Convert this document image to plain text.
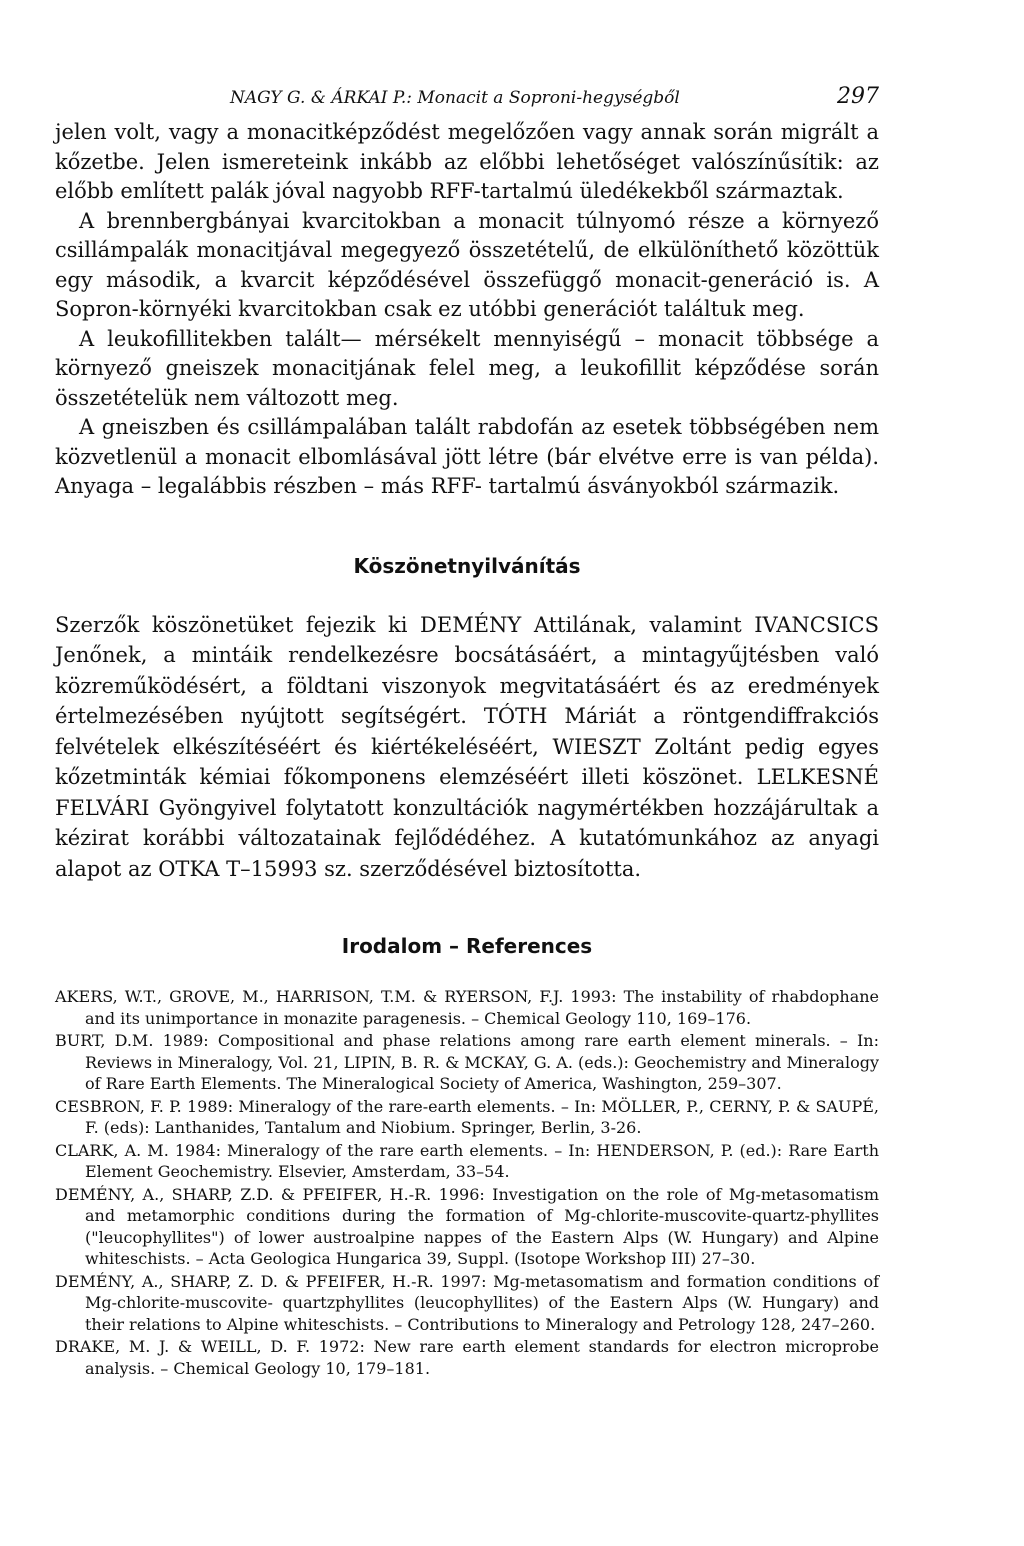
NAGY G. & ÁRKAI P.: Monacit a Soproni-hegységből	297

jelen volt, vagy a monacitképződést megelőzően vagy annak során migrált a kőzetbe. Jelen ismereteink inkább az előbbi lehetőséget valószínűsítik: az előbb említett palák jóval nagyobb RFF-tartalmú üledékekből származtak.

A brennbergbányai kvarcitokban a monacit túlnyomó része a környező csillámpalák monacitjával megegyező összetételű, de elkülöníthető közöttük egy második, a kvarcit képződésével összefüggő monacit-generáció is. A Sopron-környéki kvarcitokban csak ez utóbbi generációt találtuk meg.

A leukofillitekben talált— mérsékelt mennyiségű – monacit többsége a környező gneiszek monacitjának felel meg, a leukofillit képződése során összetételük nem változott meg.

A gneiszben és csillámpalában talált rabdofán az esetek többségében nem közvetlenül a monacit elbomlásával jött létre (bár elvétve erre is van példa). Anyaga – legalábbis részben – más RFF- tartalmú ásványokból származik.

Köszönetnyilvánítás

Szerzők köszönetüket fejezik ki DEMÉNY Attilának, valamint IVANCSICS Jenőnek, a mintáik rendelkezésre bocsátásáért, a mintagyűjtésben való közreműködésért, a földtani viszonyok megvitatásáért és az eredmények értelmezésében nyújtott segítségért. TÓTH Máriát a röntgendiffrakciós felvételek elkészítéséért és kiértékeléséért, WIESZT Zoltánt pedig egyes kőzetminták kémiai főkomponens elemzéséért illeti köszönet. LELKESNÉ FELVÁRI Gyöngyivel folytatott konzultációk nagymértékben hozzájárultak a kézirat korábbi változatainak fejlődédéhez. A kutatómunkához az anyagi alapot az OTKA T–15993 sz. szerződésével biztosította.

Irodalom – References
AKERS, W.T., GROVE, M., HARRISON, T.M. & RYERSON, F.J. 1993: The instability of rhabdophane and its unimportance in monazite paragenesis. – Chemical Geology 110, 169–176.
BURT, D.M. 1989: Compositional and phase relations among rare earth element minerals. – In: Reviews in Mineralogy, Vol. 21, LIPIN, B. R. & MCKAY, G. A. (eds.): Geochemistry and Mineralogy of Rare Earth Elements. The Mineralogical Society of America, Washington, 259–307.
CESBRON, F. P. 1989: Mineralogy of the rare-earth elements. – In: MÖLLER, P., CERNY, P. & SAUPÉ, F. (eds): Lanthanides, Tantalum and Niobium. Springer, Berlin, 3-26.
CLARK, A. M. 1984: Mineralogy of the rare earth elements. – In: HENDERSON, P. (ed.): Rare Earth Element Geochemistry. Elsevier, Amsterdam, 33–54.
DEMÉNY, A., SHARP, Z.D. & PFEIFER, H.-R. 1996: Investigation on the role of Mg-metasomatism and metamorphic conditions during the formation of Mg-chlorite-muscovite-quartz-phyllites ("leucophyllites") of lower austroalpine nappes of the Eastern Alps (W. Hungary) and Alpine whiteschists. – Acta Geologica Hungarica 39, Suppl. (Isotope Workshop III) 27–30.
DEMÉNY, A., SHARP, Z. D. & PFEIFER, H.-R. 1997: Mg-metasomatism and formation conditions of Mg-chlorite-muscovite- quartzphyllites (leucophyllites) of the Eastern Alps (W. Hungary) and their relations to Alpine whiteschists. – Contributions to Mineralogy and Petrology 128, 247–260.
DRAKE, M. J. & WEILL, D. F. 1972: New rare earth element standards for electron microprobe analysis. – Chemical Geology 10, 179–181.
